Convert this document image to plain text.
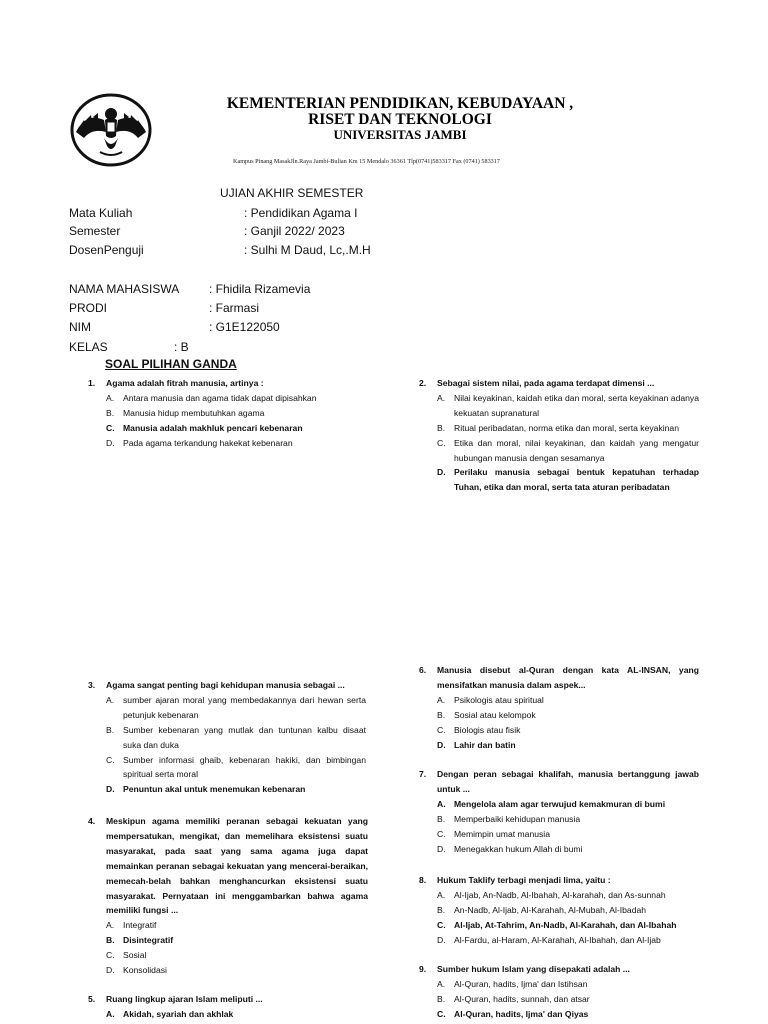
KEMENTERIAN PENDIDIKAN, KEBUDAYAAN ,
RISET DAN TEKNOLOGI
UNIVERSITAS JAMBI
Kampus Pinang MasakJln.Raya Jambi-Bulian Km 15 Mendalo 36361 Tlp(0741)583317 Fax (0741) 583317
UJIAN AKHIR SEMESTER
Mata Kuliah	: Pendidikan Agama I
Semester	: Ganjil 2022/ 2023
DosenPenguji	: Sulhi M Daud, Lc,.M.H
NAMA MAHASISWA : Fhidila Rizamevia
PRODI	: Farmasi
NIM	: G1E122050
KELAS	: B
SOAL PILIHAN GANDA
1. Agama adalah fitrah manusia, artinya :
A. Antara manusia dan agama tidak dapat dipisahkan
B. Manusia hidup membutuhkan agama
C. Manusia adalah makhluk pencari kebenaran
D. Pada agama terkandung hakekat kebenaran
2. Sebagai sistem nilai, pada agama terdapat dimensi ...
A. Nilai keyakinan, kaidah etika dan moral, serta keyakinan adanya kekuatan supranatural
B. Ritual peribadatan, norma etika dan moral, serta keyakinan
C. Etika dan moral, nilai keyakinan, dan kaidah yang mengatur hubungan manusia dengan sesamanya
D. Perilaku manusia sebagai bentuk kepatuhan terhadap Tuhan, etika dan moral, serta tata aturan peribadatan
3. Agama sangat penting bagi kehidupan manusia sebagai ...
A. sumber ajaran moral yang membedakannya dari hewan serta petunjuk kebenaran
B. Sumber kebenaran yang mutlak dan tuntunan kalbu disaat suka dan duka
C. Sumber informasi ghaib, kebenaran hakiki, dan bimbingan spiritual serta moral
D. Penuntun akal untuk menemukan kebenaran
4. Meskipun agama memiliki peranan sebagai kekuatan yang mempersatukan, mengikat, dan memelihara eksistensi suatu masyarakat, pada saat yang sama agama juga dapat memainkan peranan sebagai kekuatan yang mencerai-beraikan, memecah-belah bahkan menghancurkan eksistensi suatu masyarakat. Pernyataan ini menggambarkan bahwa agama memiliki fungsi ...
A. Integratif
B. Disintegratif
C. Sosial
D. Konsolidasi
5. Ruang lingkup ajaran Islam meliputi ...
A. Akidah, syariah dan akhlak
6. Manusia disebut al-Quran dengan kata AL-INSAN, yang mensifatkan manusia dalam aspek...
A. Psikologis atau spiritual
B. Sosial atau kelompok
C. Biologis atau fisik
D. Lahir dan batin
7. Dengan peran sebagai khalifah, manusia bertanggung jawab untuk ...
A. Mengelola alam agar terwujud kemakmuran di bumi
B. Memperbaiki kehidupan manusia
C. Memimpin umat manusia
D. Menegakkan hukum Allah di bumi
8. Hukum Taklify terbagi menjadi lima, yaitu :
A. Al-Ijab, An-Nadb, Al-Ibahah, Al-karahah, dan As-sunnah
B. An-Nadb, Al-Ijab, Al-Karahah, Al-Mubah, Al-Ibadah
C. Al-Ijab, At-Tahrim, An-Nadb, Al-Karahah, dan Al-Ibahah
D. Al-Fardu, al-Haram, Al-Karahah, Al-Ibahah, dan Al-Ijab
9. Sumber hukum Islam yang disepakati adalah ...
A. Al-Quran, hadits, Ijma' dan Istihsan
B. Al-Quran, hadits, sunnah, dan atsar
C. Al-Quran, hadits, Ijma' dan Qiyas
